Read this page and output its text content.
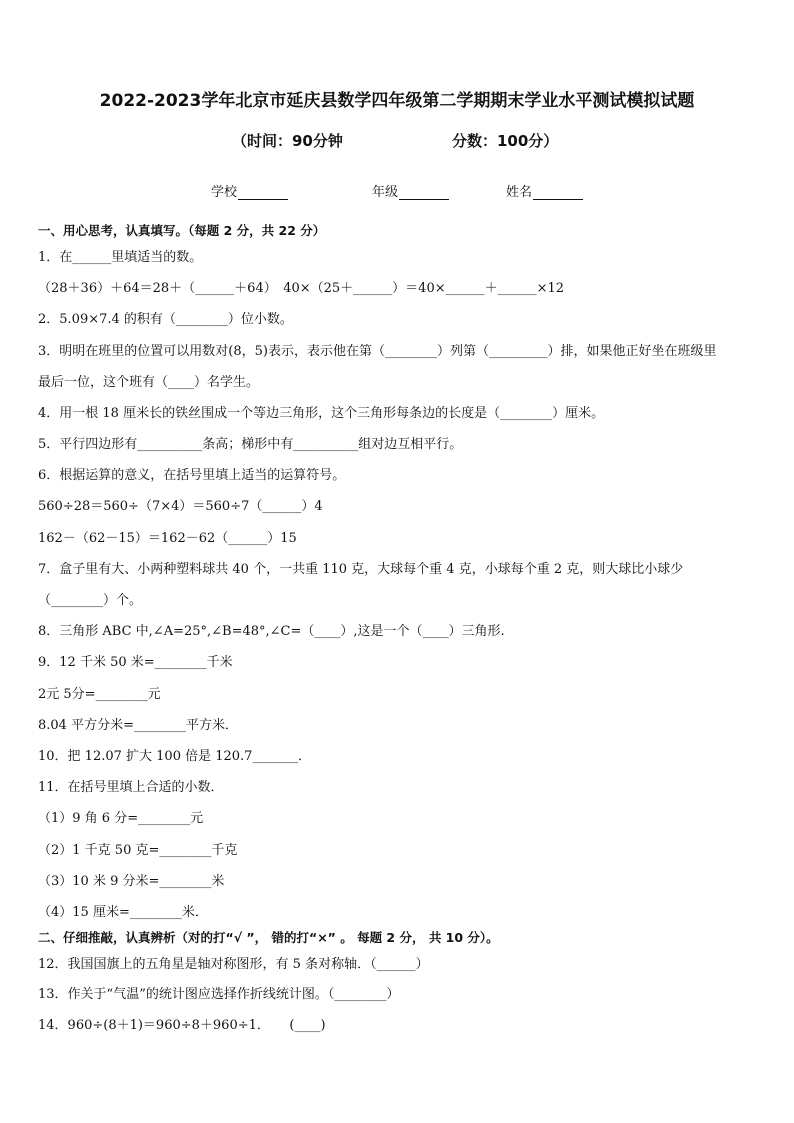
2022-2023学年北京市延庆县数学四年级第二学期期末学业水平测试模拟试题
（时间：90分钟	分数：100分）
学校	年级	姓名
一、用心思考，认真填写。（每题 2 分，共 22 分）
1．在______里填适当的数。
（28＋36）＋64＝28＋（______＋64）　40×（25＋______）＝40×______＋______×12
2．5.09×7.4 的积有（________）位小数。
3．明明在班里的位置可以用数对(8，5)表示，表示他在第（________）列第（_________）排，如果他正好坐在班级里
最后一位，这个班有（____）名学生。
4．用一根 18 厘米长的铁丝围成一个等边三角形，这个三角形每条边的长度是（________）厘米。
5．平行四边形有__________条高；梯形中有__________组对边互相平行。
6．根据运算的意义，在括号里填上适当的运算符号。
560÷28＝560÷（7×4）＝560÷7（______）4
162－（62－15）＝162－62（______）15
7．盒子里有大、小两种塑料球共 40 个，一共重 110 克，大球每个重 4 克，小球每个重 2 克，则大球比小球少
（________）个。
8．三角形 ABC 中,∠A=25°,∠B=48°,∠C=（____）,这是一个（____）三角形.
9．12 千米 50 米=________千米
2元 5分=________元
8.04 平方分米=________平方米．
10．把 12.07 扩大 100 倍是 120.7_______．
11．在括号里填上合适的小数．
（1）9 角 6 分=________元
（2）1 千克 50 克=________千克
（3）10 米 9 分米=________米
（4）15 厘米=________米．
二、仔细推敲，认真辨析（对的打“√ ”， 错的打“×” 。 每题 2 分， 共 10 分）。
12．我国国旗上的五角星是轴对称图形，有 5 条对称轴．（______）
13．作关于“气温”的统计图应选择作折线统计图。（________）
14．960÷(8＋1)＝960÷8＋960÷1．　　(____)
